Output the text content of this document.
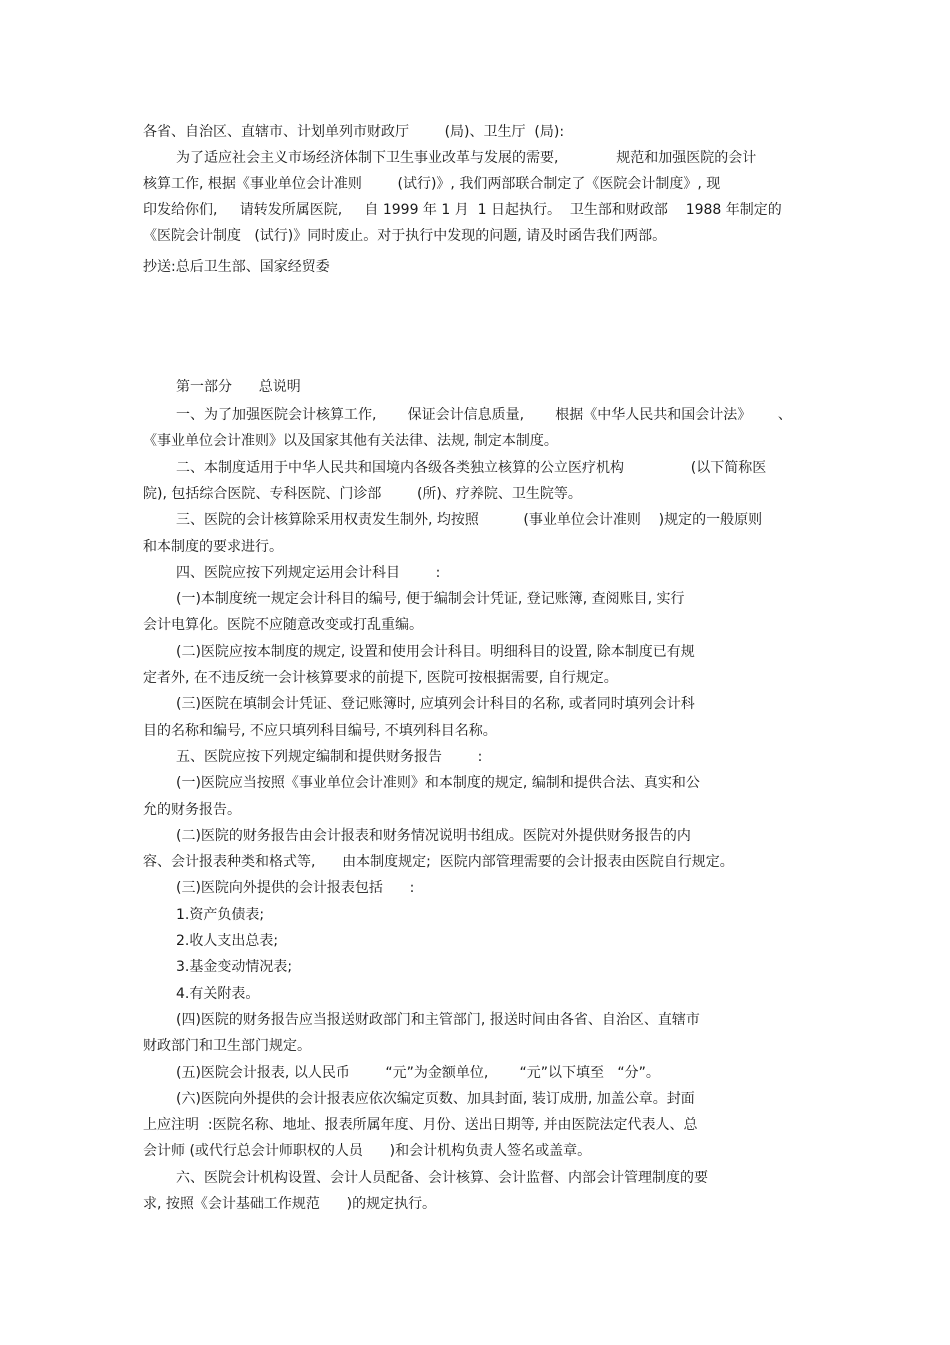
各省、自治区、直辖市、计划单列市财政厅        (局)、卫生厅  (局):
为了适应社会主义市场经济体制下卫生事业改革与发展的需要,             规范和加强医院的会计
核算工作, 根据《事业单位会计准则        (试行)》, 我们两部联合制定了《医院会计制度》, 现
印发给你们,     请转发所属医院,     自 1999 年 1 月  1 日起执行。  卫生部和财政部    1988 年制定的
《医院会计制度   (试行)》同时废止。对于执行中发现的问题, 请及时函告我们两部。
抄送:总后卫生部、国家经贸委
第一部分      总说明
一、为了加强医院会计核算工作,       保证会计信息质量,       根据《中华人民共和国会计法》      、
《事业单位会计准则》以及国家其他有关法律、法规, 制定本制度。
二、本制度适用于中华人民共和国境内各级各类独立核算的公立医疗机构               (以下简称医
院), 包括综合医院、专科医院、门诊部        (所)、疗养院、卫生院等。
三、医院的会计核算除采用权责发生制外, 均按照          (事业单位会计准则    )规定的一般原则
和本制度的要求进行。
四、医院应按下列规定运用会计科目        :
(一)本制度统一规定会计科目的编号, 便于编制会计凭证, 登记账簿, 查阅账目, 实行
会计电算化。医院不应随意改变或打乱重编。
(二)医院应按本制度的规定, 设置和使用会计科目。明细科目的设置, 除本制度已有规
定者外, 在不违反统一会计核算要求的前提下, 医院可按根据需要, 自行规定。
(三)医院在填制会计凭证、登记账簿时, 应填列会计科目的名称, 或者同时填列会计科
目的名称和编号, 不应只填列科目编号, 不填列科目名称。
五、医院应按下列规定编制和提供财务报告        :
(一)医院应当按照《事业单位会计准则》和本制度的规定, 编制和提供合法、真实和公
允的财务报告。
(二)医院的财务报告由会计报表和财务情况说明书组成。医院对外提供财务报告的内
容、会计报表种类和格式等,      由本制度规定;  医院内部管理需要的会计报表由医院自行规定。
(三)医院向外提供的会计报表包括      :
1.资产负债表;
2.收人支出总表;
3.基金变动情况表;
4.有关附表。
(四)医院的财务报告应当报送财政部门和主管部门, 报送时间由各省、自治区、直辖市
财政部门和卫生部门规定。
(五)医院会计报表, 以人民币        “元”为金额单位,       “元”以下填至   “分”。
(六)医院向外提供的会计报表应依次编定页数、加具封面, 装订成册, 加盖公章。封面
上应注明  :医院名称、地址、报表所属年度、月份、送出日期等, 并由医院法定代表人、总
会计师 (或代行总会计师职权的人员      )和会计机构负责人签名或盖章。
六、医院会计机构设置、会计人员配备、会计核算、会计监督、内部会计管理制度的要
求, 按照《会计基础工作规范      )的规定执行。
